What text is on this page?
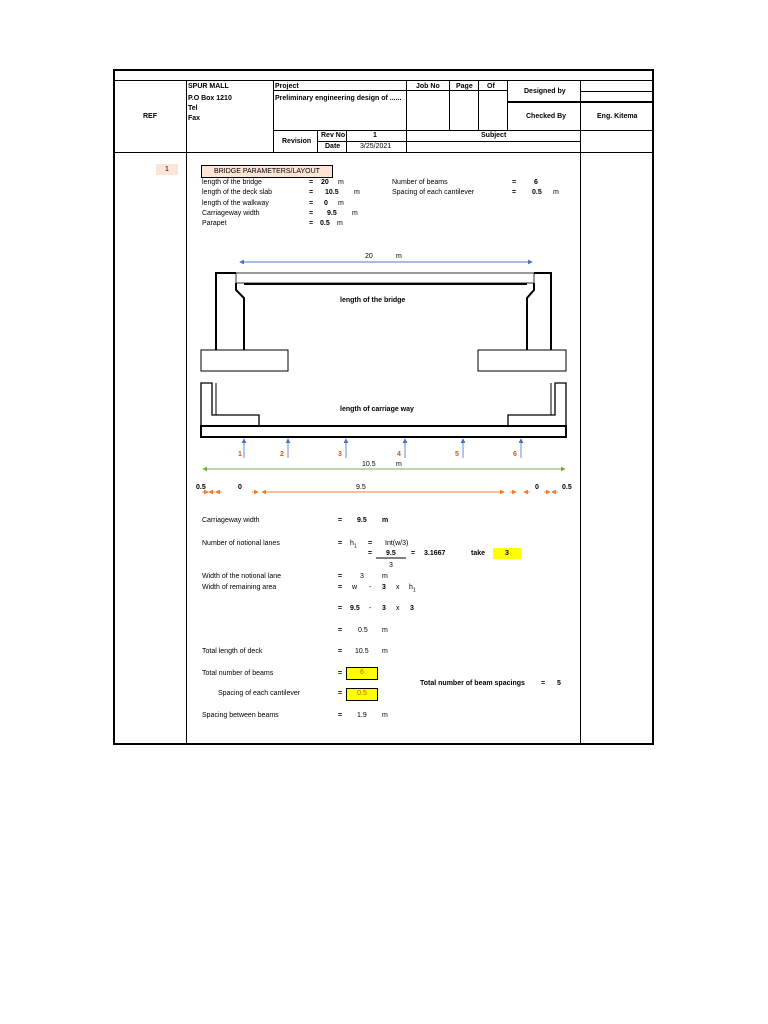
REF
SPUR MALL
P.O Box 1210
Tel
Fax
Project
Preliminary engineering design of ......
Job No Page Of
Designed by
Checked By	Eng. Kitema
Revision
Rev No	1
Date	3/25/2021
Subject
1	BRIDGE PARAMETERS/LAYOUT
length of the bridge	= 20 m
length of the deck slab	= 10.5 m
length of the walkway	= 0 m
Carriageway width	= 9.5 m
Parapet	= 0.5 m
Number of beams	=	6
Spacing of each cantilever	= 0.5 m
20	m
length of the bridge
length of carriage way
1	2	3	4	5	6
10.5	m
0.5	0	9.5	0	0.5
Carriageway width	= 9.5 m
Number of notional lanes	= $h_1 = Int(w/3)$
= 9.5 = 3.1667	take	3
3
Width of the notional lane	=	3	m
Width of remaining area	= w - 3 x $h_1$
= 9.5 - 3 x 3
= 0.5 m
Total length of deck	= 10.5 m
Total number of beams	=	6
Total number of beam spacings = 5
Spacing of each cantilever	=	0.5
Spacing between beams	= 1.9 m
